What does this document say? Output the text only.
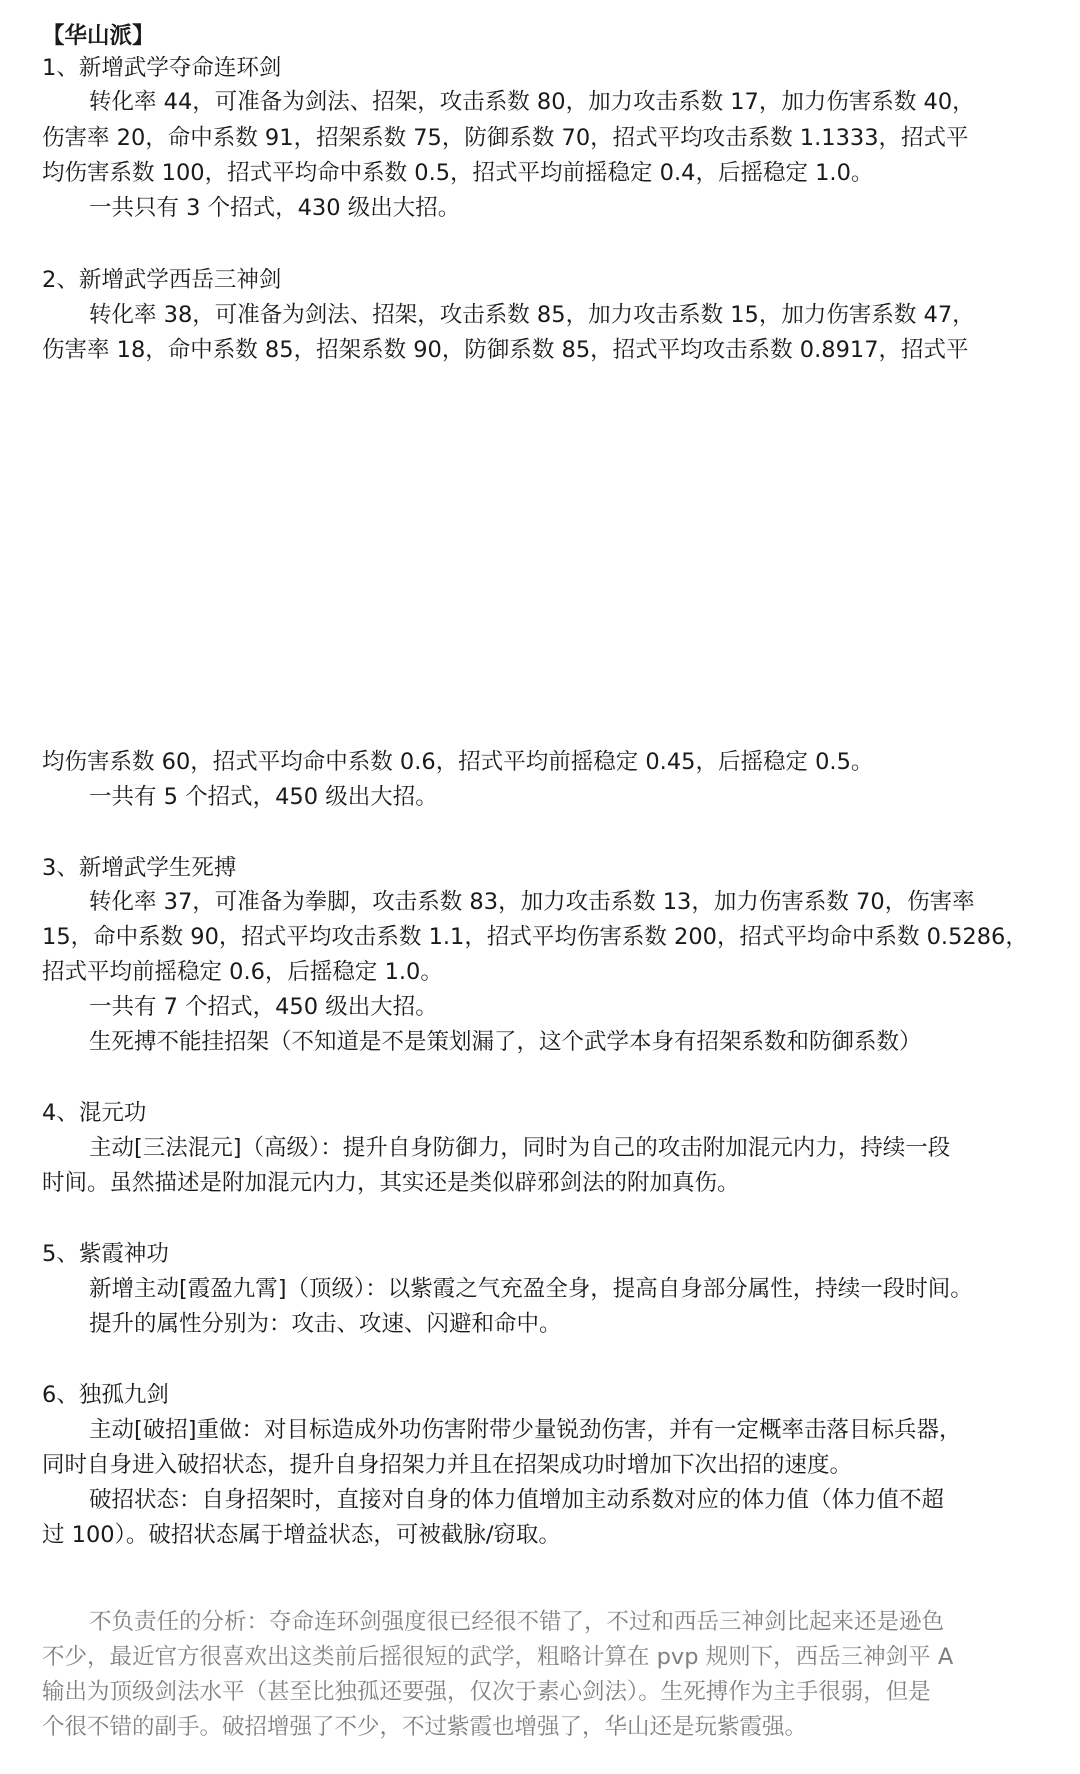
【华山派】
1、新增武学夺命连环剑
转化率 44，可准备为剑法、招架，攻击系数 80，加力攻击系数 17，加力伤害系数 40，
伤害率 20，命中系数 91，招架系数 75，防御系数 70，招式平均攻击系数 1.1333，招式平
均伤害系数 100，招式平均命中系数 0.5，招式平均前摇稳定 0.4，后摇稳定 1.0。
一共只有 3 个招式，430 级出大招。
2、新增武学西岳三神剑
转化率 38，可准备为剑法、招架，攻击系数 85，加力攻击系数 15，加力伤害系数 47，
伤害率 18，命中系数 85，招架系数 90，防御系数 85，招式平均攻击系数 0.8917，招式平
均伤害系数 60，招式平均命中系数 0.6，招式平均前摇稳定 0.45，后摇稳定 0.5。
一共有 5 个招式，450 级出大招。
3、新增武学生死搏
转化率 37，可准备为拳脚，攻击系数 83，加力攻击系数 13，加力伤害系数 70，伤害率
15，命中系数 90，招式平均攻击系数 1.1，招式平均伤害系数 200，招式平均命中系数 0.5286，
招式平均前摇稳定 0.6，后摇稳定 1.0。
一共有 7 个招式，450 级出大招。
生死搏不能挂招架（不知道是不是策划漏了，这个武学本身有招架系数和防御系数）
4、混元功
主动[三法混元]（高级）：提升自身防御力，同时为自己的攻击附加混元内力，持续一段
时间。虽然描述是附加混元内力，其实还是类似辟邪剑法的附加真伤。
5、紫霞神功
新增主动[霞盈九霄]（顶级）：以紫霞之气充盈全身，提高自身部分属性，持续一段时间。
提升的属性分别为：攻击、攻速、闪避和命中。
6、独孤九剑
主动[破招]重做：对目标造成外功伤害附带少量锐劲伤害，并有一定概率击落目标兵器，
同时自身进入破招状态，提升自身招架力并且在招架成功时增加下次出招的速度。
破招状态：自身招架时，直接对自身的体力值增加主动系数对应的体力值（体力值不超
过 100）。破招状态属于增益状态，可被截脉/窃取。
不负责任的分析：夺命连环剑强度很已经很不错了，不过和西岳三神剑比起来还是逊色
不少，最近官方很喜欢出这类前后摇很短的武学，粗略计算在 pvp 规则下，西岳三神剑平 A
输出为顶级剑法水平（甚至比独孤还要强，仅次于素心剑法）。生死搏作为主手很弱，但是
个很不错的副手。破招增强了不少，不过紫霞也增强了，华山还是玩紫霞强。
